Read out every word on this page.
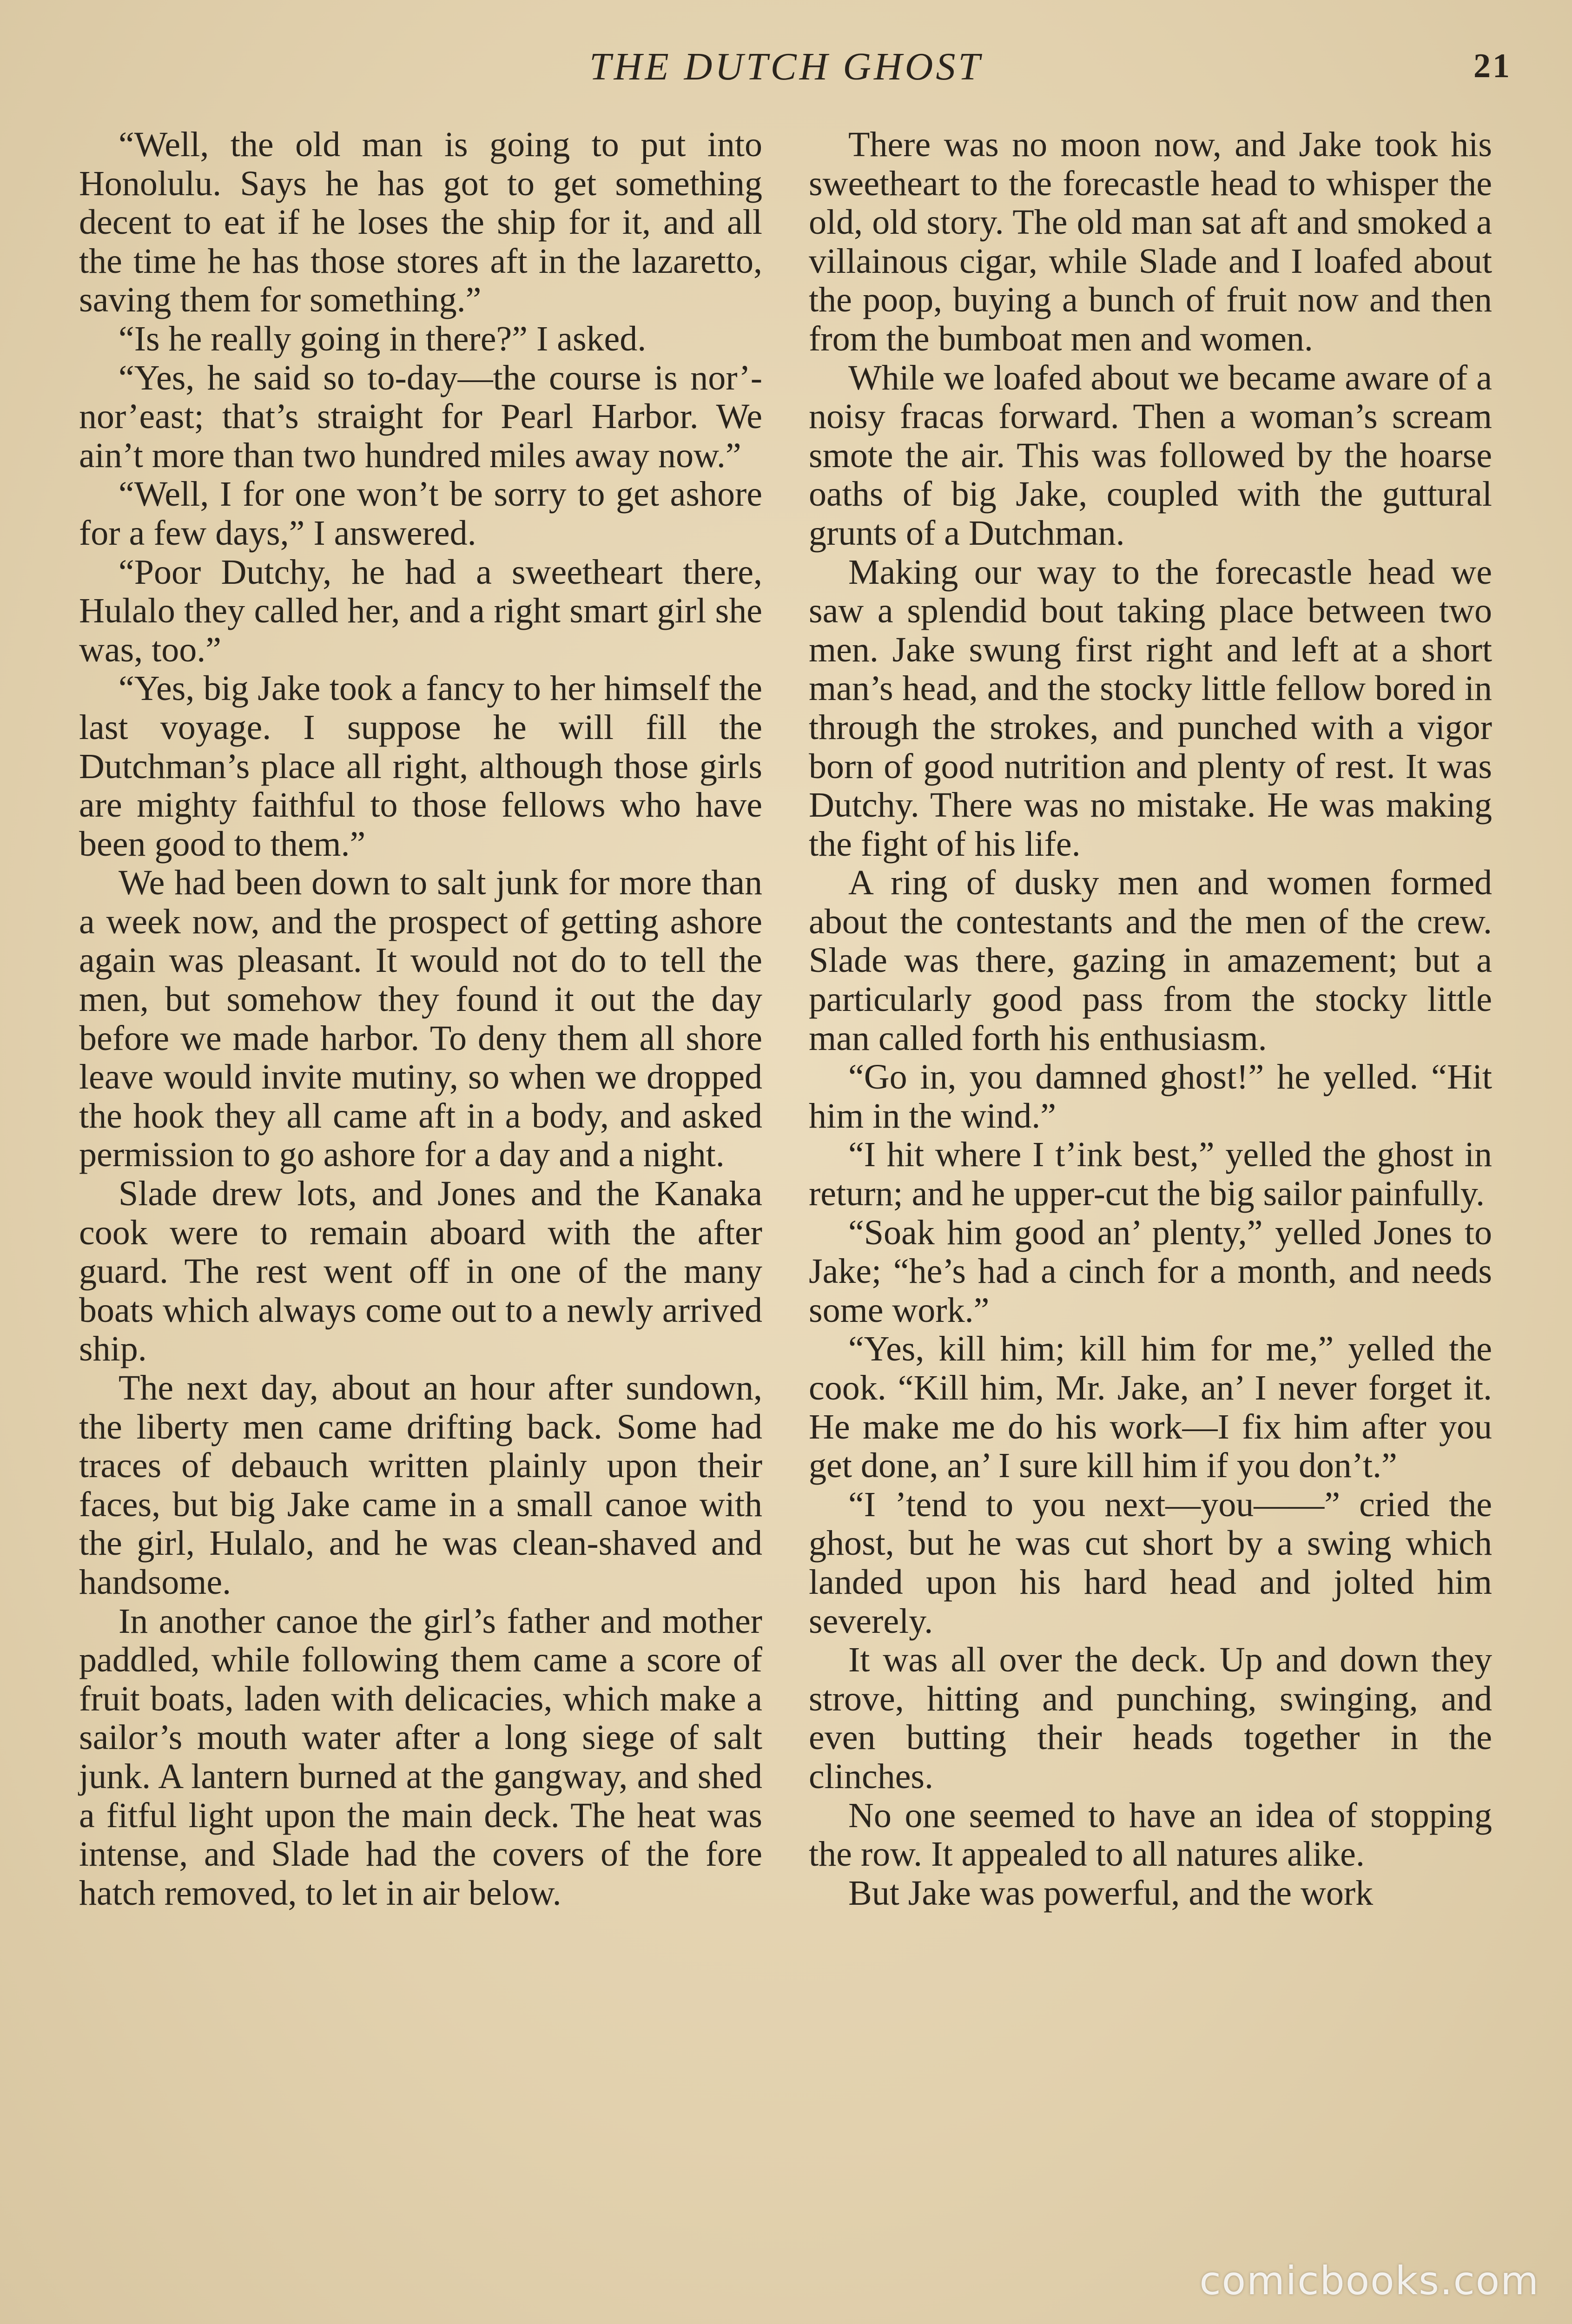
THE DUTCH GHOST	21

“Well, the old man is going to put into Honolulu. Says he has got to get something decent to eat if he loses the ship for it, and all the time he has those stores aft in the lazaretto, saving them for something.”

“Is he really going in there?” I asked.

“Yes, he said so to-day—the course is nor’-nor’east; that’s straight for Pearl Harbor. We ain’t more than two hundred miles away now.”

“Well, I for one won’t be sorry to get ashore for a few days,” I answered.

“Poor Dutchy, he had a sweetheart there, Hulalo they called her, and a right smart girl she was, too.”

“Yes, big Jake took a fancy to her himself the last voyage. I suppose he will fill the Dutchman’s place all right, although those girls are mighty faithful to those fellows who have been good to them.”

We had been down to salt junk for more than a week now, and the prospect of getting ashore again was pleasant. It would not do to tell the men, but somehow they found it out the day before we made harbor. To deny them all shore leave would invite mutiny, so when we dropped the hook they all came aft in a body, and asked permission to go ashore for a day and a night.

Slade drew lots, and Jones and the Kanaka cook were to remain aboard with the after guard. The rest went off in one of the many boats which always come out to a newly arrived ship.

The next day, about an hour after sundown, the liberty men came drifting back. Some had traces of debauch written plainly upon their faces, but big Jake came in a small canoe with the girl, Hulalo, and he was clean-shaved and handsome.

In another canoe the girl’s father and mother paddled, while following them came a score of fruit boats, laden with delicacies, which make a sailor’s mouth water after a long siege of salt junk. A lantern burned at the gangway, and shed a fitful light upon the main deck. The heat was intense, and Slade had the covers of the fore hatch removed, to let in air below.

There was no moon now, and Jake took his sweetheart to the forecastle head to whisper the old, old story. The old man sat aft and smoked a villainous cigar, while Slade and I loafed about the poop, buying a bunch of fruit now and then from the bumboat men and women.

While we loafed about we became aware of a noisy fracas forward. Then a woman’s scream smote the air. This was followed by the hoarse oaths of big Jake, coupled with the guttural grunts of a Dutchman.

Making our way to the forecastle head we saw a splendid bout taking place between two men. Jake swung first right and left at a short man’s head, and the stocky little fellow bored in through the strokes, and punched with a vigor born of good nutrition and plenty of rest. It was Dutchy. There was no mistake. He was making the fight of his life.

A ring of dusky men and women formed about the contestants and the men of the crew. Slade was there, gazing in amazement; but a particularly good pass from the stocky little man called forth his enthusiasm.

“Go in, you damned ghost!” he yelled. “Hit him in the wind.”

“I hit where I t’ink best,” yelled the ghost in return; and he upper-cut the big sailor painfully.

“Soak him good an’ plenty,” yelled Jones to Jake; “he’s had a cinch for a month, and needs some work.”

“Yes, kill him; kill him for me,” yelled the cook. “Kill him, Mr. Jake, an’ I never forget it. He make me do his work—I fix him after you get done, an’ I sure kill him if you don’t.”

“I ’tend to you next—you——” cried the ghost, but he was cut short by a swing which landed upon his hard head and jolted him severely.

It was all over the deck. Up and down they strove, hitting and punching, swinging, and even butting their heads together in the clinches.

No one seemed to have an idea of stopping the row. It appealed to all natures alike.

But Jake was powerful, and the work

comicbooks.com
